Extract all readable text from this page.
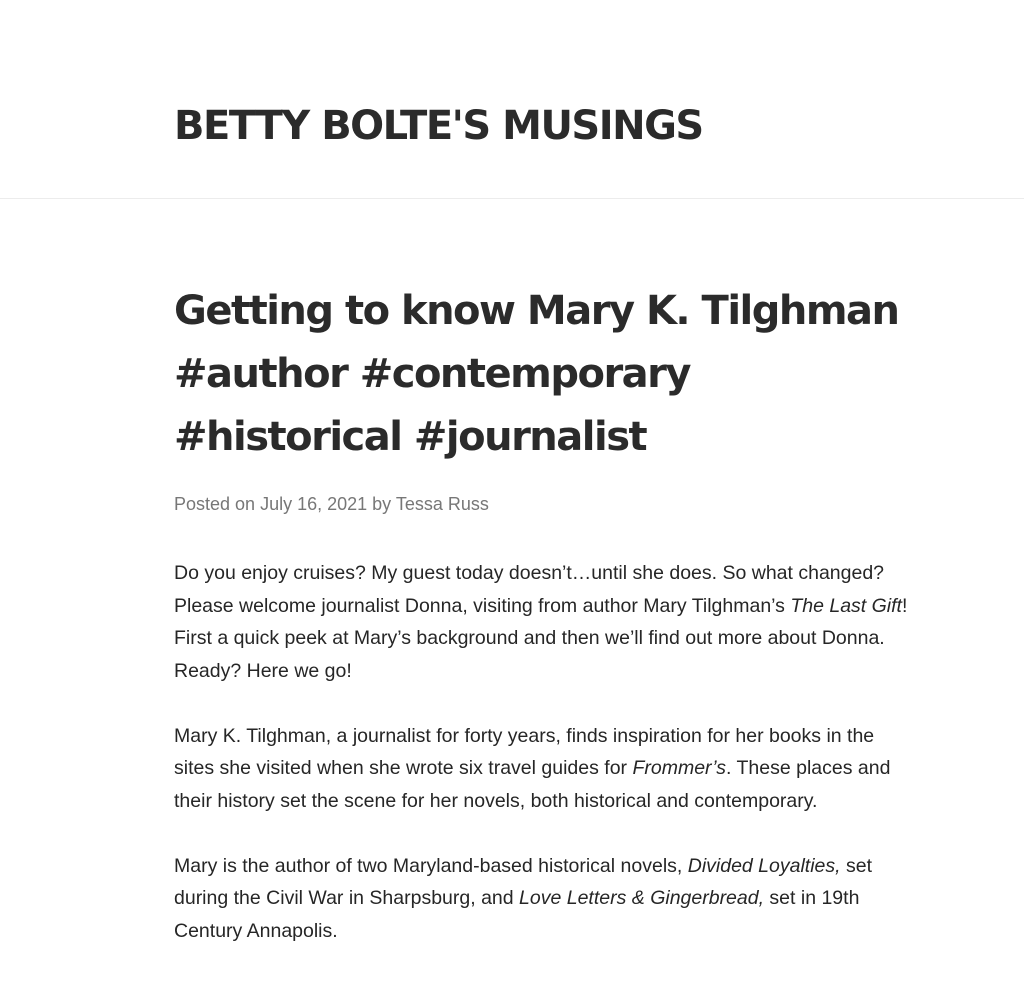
BETTY BOLTE'S MUSINGS
Getting to know Mary K. Tilghman #author #contemporary #historical #journalist
Posted on July 16, 2021 by Tessa Russ

Do you enjoy cruises? My guest today doesn’t…until she does. So what changed? Please welcome journalist Donna, visiting from author Mary Tilghman’s The Last Gift! First a quick peek at Mary’s background and then we’ll find out more about Donna. Ready? Here we go!

Mary K. Tilghman, a journalist for forty years, finds inspiration for her books in the sites she visited when she wrote six travel guides for Frommer’s. These places and their history set the scene for her novels, both historical and contemporary.

Mary is the author of two Maryland-based historical novels, Divided Loyalties, set during the Civil War in Sharpsburg, and Love Letters & Gingerbread, set in 19th Century Annapolis.
